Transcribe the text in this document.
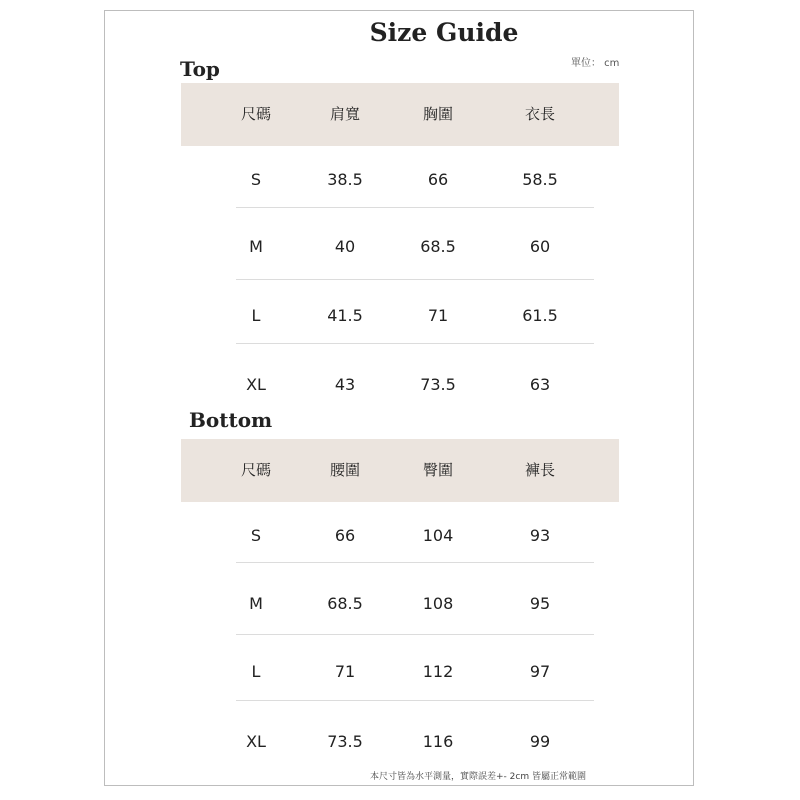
Size Guide
單位： cm
Top
尺碼	肩寬	胸圍	衣長
S	38.5	66	58.5
M	40	68.5	60
L	41.5	71	61.5
XL	43	73.5	63
Bottom
尺碼	腰圍	臀圍	褲長
S	66	104	93
M	68.5	108	95
L	71	112	97
XL	73.5	116	99
本尺寸皆為水平測量，實際誤差+- 2cm 皆屬正常範圍
